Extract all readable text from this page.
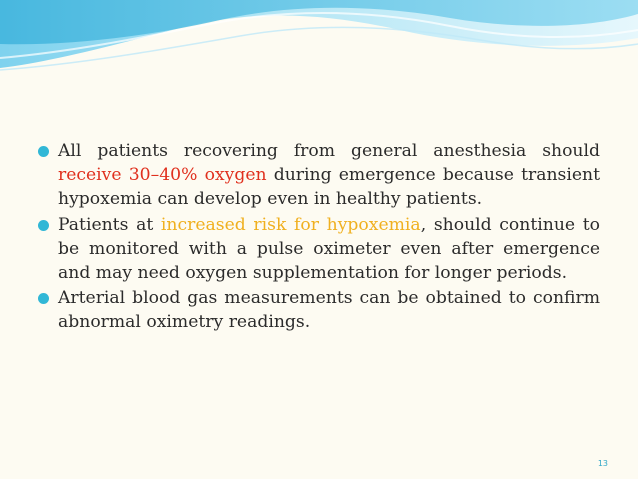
All patients recovering from general anesthesia should receive 30–40% oxygen during emergence because transient hypoxemia can develop even in healthy patients.

Patients at increased risk for hypoxemia, should continue to be monitored with a pulse oximeter even after emergence and may need oxygen supplementation for longer periods.

Arterial blood gas measurements can be obtained to confirm abnormal oximetry readings.

13
